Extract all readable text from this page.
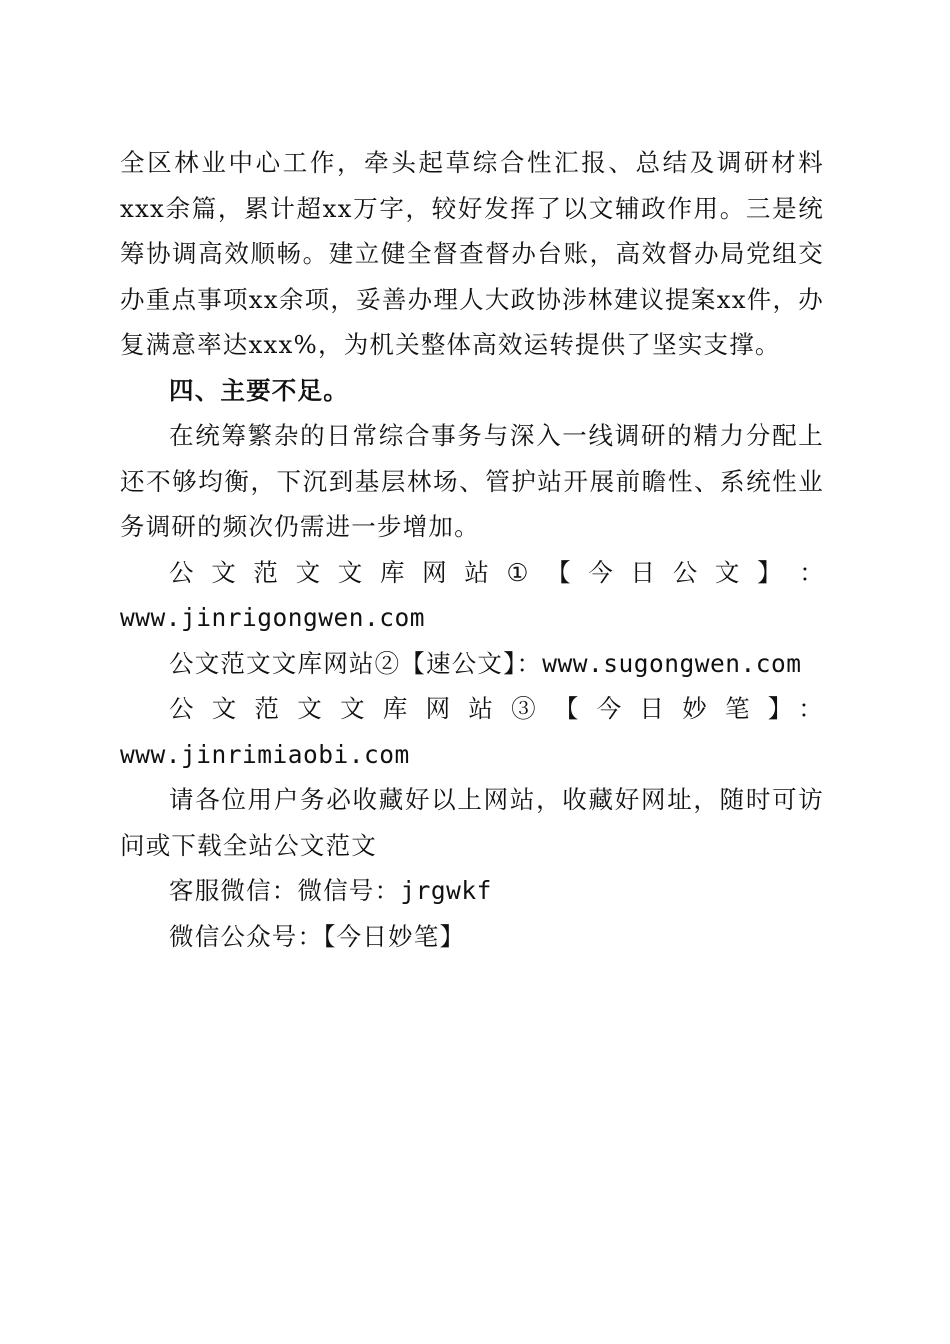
全区林业中心工作，牵头起草综合性汇报、总结及调研材料xxx余篇，累计超xx万字，较好发挥了以文辅政作用。三是统筹协调高效顺畅。建立健全督查督办台账，高效督办局党组交办重点事项xx余项，妥善办理人大政协涉林建议提案xx件，办复满意率达xxx%，为机关整体高效运转提供了坚实支撑。

四、主要不足。

在统筹繁杂的日常综合事务与深入一线调研的精力分配上还不够均衡，下沉到基层林场、管护站开展前瞻性、系统性业务调研的频次仍需进一步增加。

公 文 范 文 文 库 网 站 ① 【 今 日 公 文 】 ：

www.jinrigongwen.com

公文范文文库网站②【速公文】：www.sugongwen.com

公文范文文库网站③【今日妙笔】：www.jinrimiaobi.com

请各位用户务必收藏好以上网站，收藏好网址，随时可访问或下载全站公文范文

客服微信：微信号：jrgwkf

微信公众号：【今日妙笔】
